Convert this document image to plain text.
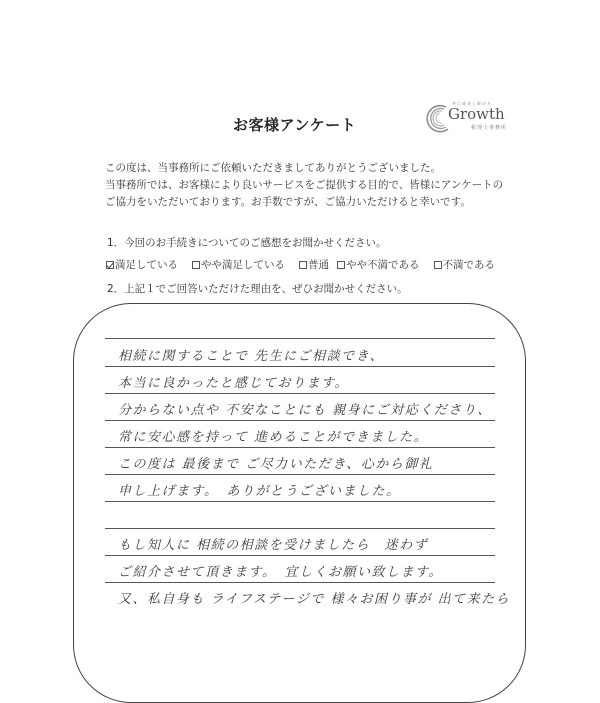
お客様アンケート
共に成長し続ける。
Growth
税理士事務所
この度は、当事務所にご依頼いただきましてありがとうございました。
当事務所では、お客様により良いサービスをご提供する目的で、皆様にアンケートの
ご協力をいただいております。お手数ですが、ご協力いただけると幸いです。
1．今回のお手続きについてのご感想をお聞かせください。
満足している やや満足している 普通 やや不満である 不満である
2．上記１でご回答いただけた理由を、ぜひお聞かせください。
相続に関することで 先生にご相談でき、
本当に良かったと感じております。
分からない点や 不安なことにも 親身にご対応くださり、
常に安心感を持って 進めることができました。
この度は 最後まで ご尽力いただき、心から御礼
申し上げます。　ありがとうございました。
もし知人に 相続の相談を受けましたら　迷わず
ご紹介させて頂きます。　宜しくお願い致します。
又、私自身も ライフステージで 様々お困り事が 出て来たら
